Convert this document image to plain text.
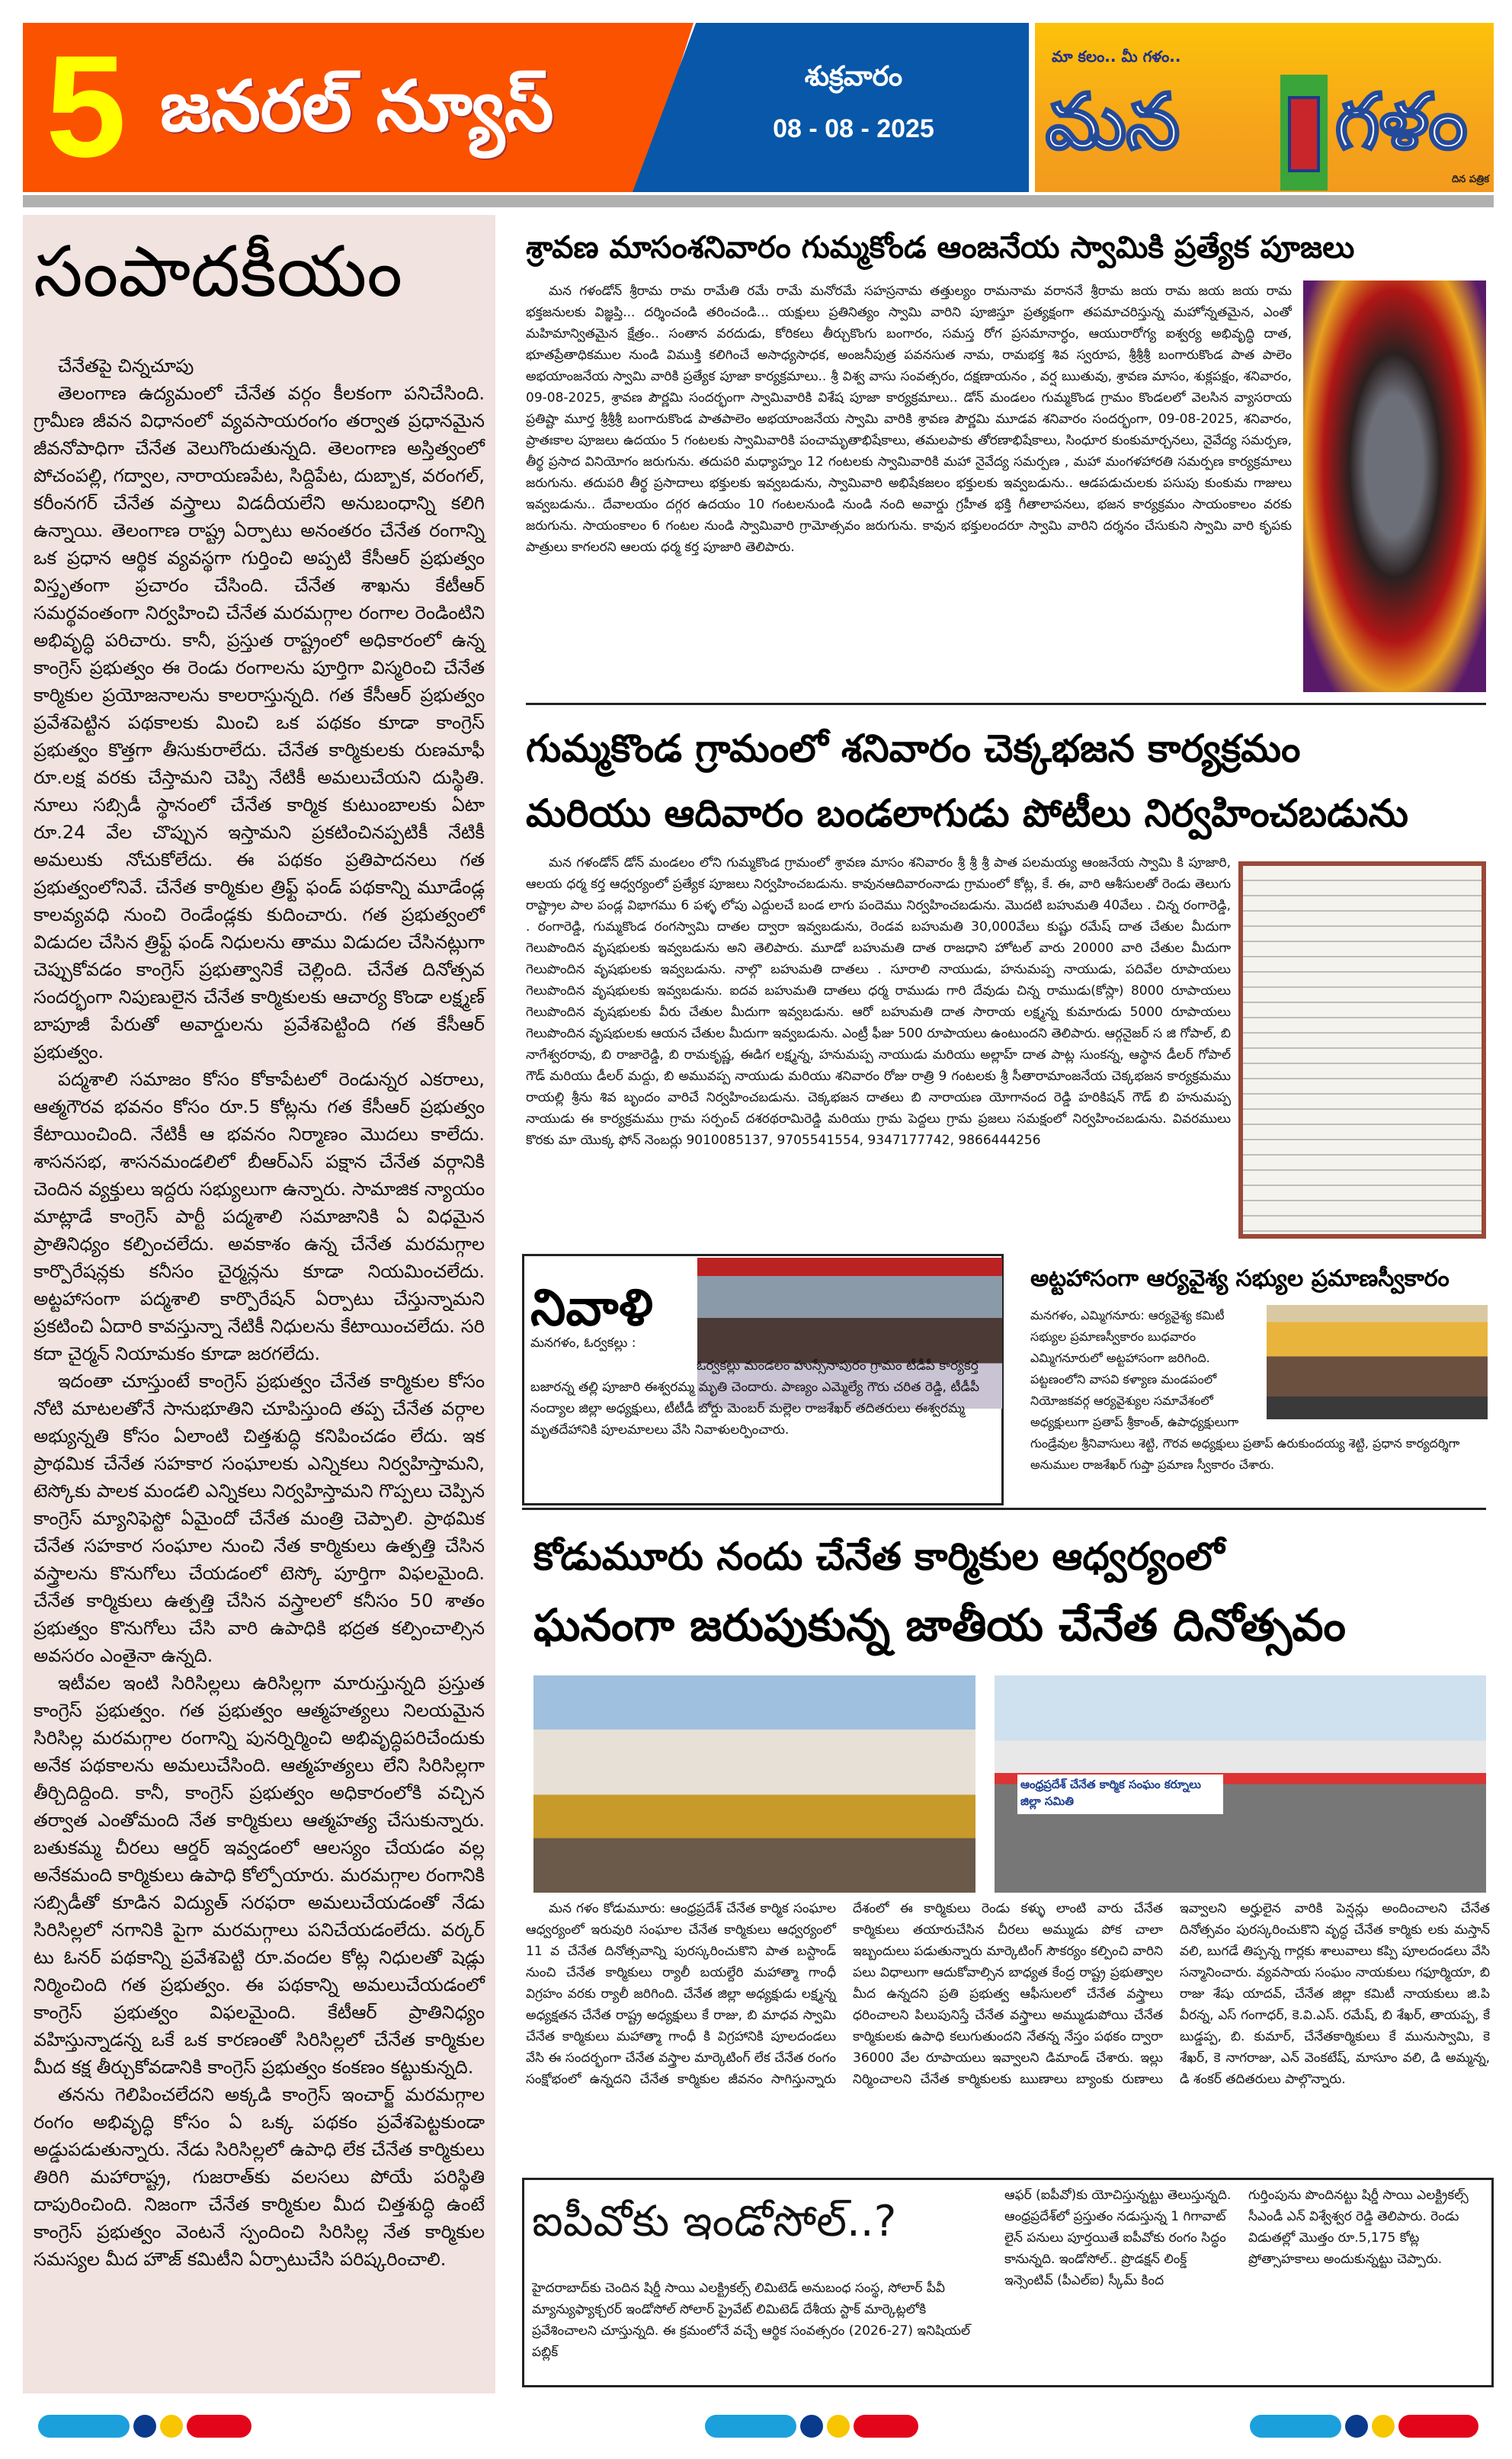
5 జనరల్ న్యూస్	శుక్రవారం
08 - 08 - 2025
మా కలం.. మీ గళం..
మన గళం
దిన పత్రిక
సంపాదకీయం

చేనేతపై చిన్నచూపు

తెలంగాణ ఉద్యమంలో చేనేత వర్గం కీలకంగా పనిచేసింది. గ్రామీణ జీవన విధానంలో వ్యవసాయరంగం తర్వాత ప్రధానమైన జీవనోపాధిగా చేనేత వెలుగొందుతున్నది. తెలంగాణ అస్తిత్వంలో పోచంపల్లి, గద్వాల, నారాయణపేట, సిద్దిపేట, దుబ్బాక, వరంగల్, కరీంనగర్ చేనేత వస్త్రాలు విడదీయలేని అనుబంధాన్ని కలిగి ఉన్నాయి. తెలంగాణ రాష్ట్ర ఏర్పాటు అనంతరం చేనేత రంగాన్ని ఒక ప్రధాన ఆర్థిక వ్యవస్థగా గుర్తించి అప్పటి కేసీఆర్ ప్రభుత్వం విస్తృతంగా ప్రచారం చేసింది. చేనేత శాఖను కేటీఆర్ సమర్థవంతంగా నిర్వహించి చేనేత మరమగ్గాల రంగాల రెండింటిని అభివృద్ధి పరిచారు. కానీ, ప్రస్తుత రాష్ట్రంలో అధికారంలో ఉన్న కాంగ్రెస్ ప్రభుత్వం ఈ రెండు రంగాలను పూర్తిగా విస్మరించి చేనేత కార్మికుల ప్రయోజనాలను కాలరాస్తున్నది. గత కేసీఆర్ ప్రభుత్వం ప్రవేశపెట్టిన పథకాలకు మించి ఒక పథకం కూడా కాంగ్రెస్ ప్రభుత్వం కొత్తగా తీసుకురాలేదు. చేనేత కార్మికులకు రుణమాఫీ రూ.లక్ష వరకు చేస్తామని చెప్పి నేటికీ అమలుచేయని దుస్థితి. నూలు సబ్సిడీ స్థానంలో చేనేత కార్మిక కుటుంబాలకు ఏటా రూ.24 వేల చొప్పున ఇస్తామని ప్రకటించినప్పటికీ నేటికీ అమలుకు నోచుకోలేదు. ఈ పథకం ప్రతిపాదనలు గత ప్రభుత్వంలోనివే. చేనేత కార్మికుల త్రిఫ్ట్ ఫండ్ పథకాన్ని మూడేండ్ల కాలవ్యవధి నుంచి రెండేండ్లకు కుదించారు. గత ప్రభుత్వంలో విడుదల చేసిన త్రిఫ్ట్ ఫండ్ నిధులను తాము విడుదల చేసినట్లుగా చెప్పుకోవడం కాంగ్రెస్ ప్రభుత్వానికే చెల్లింది. చేనేత దినోత్సవ సందర్భంగా నిపుణులైన చేనేత కార్మికులకు ఆచార్య కొండా లక్ష్మణ్ బాపూజీ పేరుతో అవార్డులను ప్రవేశపెట్టింది గత కేసీఆర్ ప్రభుత్వం.

పద్మశాలి సమాజం కోసం కోకాపేటలో రెండున్నర ఎకరాలు, ఆత్మగౌరవ భవనం కోసం రూ.5 కోట్లను గత కేసీఆర్ ప్రభుత్వం కేటాయించింది. నేటికీ ఆ భవనం నిర్మాణం మొదలు కాలేదు. శాసనసభ, శాసనమండలిలో బీఆర్ఎస్ పక్షాన చేనేత వర్గానికి చెందిన వ్యక్తులు ఇద్దరు సభ్యులుగా ఉన్నారు. సామాజిక న్యాయం మాట్లాడే కాంగ్రెస్ పార్టీ పద్మశాలి సమాజానికి ఏ విధమైన ప్రాతినిధ్యం కల్పించలేదు. అవకాశం ఉన్న చేనేత మరమగ్గాల కార్పొరేషన్లకు కనీసం చైర్మన్లను కూడా నియమించలేదు. అట్టహాసంగా పద్మశాలి కార్పొరేషన్ ఏర్పాటు చేస్తున్నామని ప్రకటించి ఏదారి కావస్తున్నా నేటికీ నిధులను కేటాయించలేదు. సరి కదా చైర్మన్ నియామకం కూడా జరగలేదు.

ఇదంతా చూస్తుంటే కాంగ్రెస్ ప్రభుత్వం చేనేత కార్మికుల కోసం నోటి మాటలతోనే సానుభూతిని చూపిస్తుంది తప్ప చేనేత వర్గాల అభ్యున్నతి కోసం ఏలాంటి చిత్తశుద్ధి కనిపించడం లేదు. ఇక ప్రాథమిక చేనేత సహకార సంఘాలకు ఎన్నికలు నిర్వహిస్తామని, టెస్కోకు పాలక మండలి ఎన్నికలు నిర్వహిస్తామని గొప్పలు చెప్పిన కాంగ్రెస్ మ్యానిఫెస్టో ఏమైందో చేనేత మంత్రి చెప్పాలి. ప్రాథమిక చేనేత సహకార సంఘాల నుంచి నేత కార్మికులు ఉత్పత్తి చేసిన వస్త్రాలను కొనుగోలు చేయడంలో టెస్కో పూర్తిగా విఫలమైంది. చేనేత కార్మికులు ఉత్పత్తి చేసిన వస్త్రాలలో కనీసం 50 శాతం ప్రభుత్వం కొనుగోలు చేసి వారి ఉపాధికి భద్రత కల్పించాల్సిన అవసరం ఎంతైనా ఉన్నది.

ఇటీవల ఇంటి సిరిసిల్లలు ఉరిసిల్లగా మారుస్తున్నది ప్రస్తుత కాంగ్రెస్ ప్రభుత్వం. గత ప్రభుత్వం ఆత్మహత్యలు నిలయమైన సిరిసిల్ల మరమగ్గాల రంగాన్ని పునర్నిర్మించి అభివృద్ధిపరిచేందుకు అనేక పథకాలను అమలుచేసింది. ఆత్మహత్యలు లేని సిరిసిల్లగా తీర్చిదిద్దింది. కానీ, కాంగ్రెస్ ప్రభుత్వం అధికారంలోకి వచ్చిన తర్వాత ఎంతోమంది నేత కార్మికులు ఆత్మహత్య చేసుకున్నారు. బతుకమ్మ చీరలు ఆర్డర్ ఇవ్వడంలో ఆలస్యం చేయడం వల్ల అనేకమంది కార్మికులు ఉపాధి కోల్పోయారు. మరమగ్గాల రంగానికి సబ్సిడీతో కూడిన విద్యుత్ సరఫరా అమలుచేయడంతో నేడు సిరిసిల్లలో నగానికి పైగా మరమగ్గాలు పనిచేయడంలేదు. వర్కర్ టు ఓనర్ పథకాన్ని ప్రవేశపెట్టి రూ.వందల కోట్ల నిధులతో షెడ్లు నిర్మించింది గత ప్రభుత్వం. ఈ పథకాన్ని అమలుచేయడంలో కాంగ్రెస్ ప్రభుత్వం విఫలమైంది. కేటీఆర్ ప్రాతినిధ్యం వహిస్తున్నాడన్న ఒకే ఒక కారణంతో సిరిసిల్లలో చేనేత కార్మికుల మీద కక్ష తీర్చుకోవడానికి కాంగ్రెస్ ప్రభుత్వం కంకణం కట్టుకున్నది.

తనను గెలిపించలేదని అక్కడి కాంగ్రెస్ ఇంచార్జ్ మరమగ్గాల రంగం అభివృద్ధి కోసం ఏ ఒక్క పథకం ప్రవేశపెట్టకుండా అడ్డుపడుతున్నారు. నేడు సిరిసిల్లలో ఉపాధి లేక చేనేత కార్మికులు తిరిగి మహారాష్ట్ర, గుజరాత్‌కు వలసలు పోయే పరిస్థితి దాపురించింది. నిజంగా చేనేత కార్మికుల మీద చిత్తశుద్ధి ఉంటే కాంగ్రెస్ ప్రభుత్వం వెంటనే స్పందించి సిరిసిల్ల నేత కార్మికుల సమస్యల మీద హౌజ్ కమిటీని ఏర్పాటుచేసి పరిష్కరించాలి.

శ్రావణ మాసంశనివారం గుమ్మకోండ ఆంజనేయ స్వామికి ప్రత్యేక పూజలు

మన గళండోన్ శ్రీరామ రామ రామేతి రమే రామే మనోరమే సహస్రనామ తత్తుల్యం రామనామ వరాననే శ్రీరామ జయ రామ జయ జయ రామ భక్తజనులకు విజ్ఞప్తి... దర్శించండి తరించండి... యక్షులు ప్రతినిత్యం స్వామి వారిని పూజిస్తూ ప్రత్యక్షంగా తపమాచరిస్తున్న మహోన్నతమైన, ఎంతో మహిమాన్వితమైన క్షేత్రం.. సంతాన వరదుడు, కోరికలు తీర్చుకొంగు బంగారం, సమస్త రోగ ప్రసమానార్ధం, ఆయురారోగ్య ఐశ్వర్య అభివృద్ధి దాత, భూతప్రేతాధికముల నుండి విముక్తి కలిగించే అసాధ్యసాధక, అంజనీపుత్ర పవనసుత నామ, రామభక్త శివ స్వరూప, శ్రీశ్రీశ్రీ బంగారుకొండ పాత పాలెం అభయాంజనేయ స్వామి వారికి ప్రత్యేక పూజా కార్యక్రమాలు.. శ్రీ విశ్వ వాసు సంవత్సరం, దక్షణాయనం , వర్ష ఋతువు, శ్రావణ మాసం, శుక్లపక్షం, శనివారం, 09-08-2025, శ్రావణ పౌర్ణమి సందర్భంగా స్వామివారికి విశేష పూజా కార్యక్రమాలు.. డోన్ మండలం గుమ్మకొండ గ్రామం కొండలలో వెలసిన వ్యాసరాయ ప్రతిష్టా మూర్త శ్రీశ్రీశ్రీ బంగారుకొండ పాతపాలెం అభయాంజనేయ స్వామి వారికి శ్రావణ పౌర్ణమి మూడవ శనివారం సందర్భంగా, 09-08-2025, శనివారం, ప్రాతఃకాల పూజలు ఉదయం 5 గంటలకు స్వామివారికి పంచామృతాభిషేకాలు, తమలపాకు తోరణాభిషేకాలు, సింధూర కుంకుమార్చనలు, నైవేద్య సమర్పణ, తీర్థ ప్రసాద వినియోగం జరుగును. తదుపరి మధ్యాహ్నం 12 గంటలకు స్వామివారికి మహా నైవేద్య సమర్పణ , మహా మంగళహారతి సమర్పణ కార్యక్రమాలు జరుగును. తదుపరి తీర్థ ప్రసాదాలు భక్తులకు ఇవ్వబడును, స్వామివారి అభిషేకజలం భక్తులకు ఇవ్వబడును.. ఆడపడుచులకు పసుపు కుంకుమ గాజులు ఇవ్వబడును.. దేవాలయం దగ్గర ఉదయం 10 గంటలనుండి నుండి నంది అవార్డు గ్రహీత భక్తి గీతాలాపనలు, భజన కార్యక్రమం సాయంకాలం వరకు జరుగును. సాయంకాలం 6 గంటల నుండి స్వామివారి గ్రామోత్సవం జరుగును. కావున భక్తులందరూ స్వామి వారిని దర్శనం చేసుకుని స్వామి వారి కృపకు పాత్రులు కాగలరని ఆలయ ధర్మ కర్త పూజారి తెలిపారు.

గుమ్మకొండ గ్రామంలో శనివారం చెక్కభజన కార్యక్రమం
మరియు ఆదివారం బండలాగుడు పోటీలు నిర్వహించబడును

మన గళండోన్ డోన్ మండలం లోని గుమ్మకొండ గ్రామంలో శ్రావణ మాసం శనివారం శ్రీ శ్రీ శ్రీ పాత పలమయ్య ఆంజనేయ స్వామి కి పూజారి, ఆలయ ధర్మ కర్త ఆధ్వర్యంలో ప్రత్యేక పూజలు నిర్వహించబడును. కావునఆదివారంనాడు గ్రామంలో కోట్ల, కే. ఈ, వారి ఆశీసులతో రెండు తెలుగు రాష్ట్రాల పాల పండ్ల విభాగము 6 పళ్ళ లోపు ఎద్దులచే బండ లాగు పందెము నిర్వహించబడును. మొదటి బహుమతి 40వేలు . చిన్న రంగారెడ్డి, . రంగారెడ్డి, గుమ్మకొండ రంగస్వామి దాతల ద్వారా ఇవ్వబడును, రెండవ బహుమతి 30,000వేలు కుష్టు రమేష్ దాత చేతుల మీదుగా గెలుపొందిన వృషభులకు ఇవ్వబడును అని తెలిపారు. మూడో బహుమతి దాత రాజధాని హోటల్ వారు 20000 వారి చేతుల మీదుగా గెలుపొందిన వృషభులకు ఇవ్వబడును. నాల్గొ బహుమతి దాతలు . సూరాలి నాయుడు, హనుమప్ప నాయుడు, పదివేల రూపాయలు గెలుపొందిన వృషభులకు ఇవ్వబడును. ఐదవ బహుమతి దాతలు ధర్మ రాముడు గారి దేవుడు చిన్న రాముడు(కోస్లా) 8000 రూపాయలు గెలుపొందిన వృషభులకు వీరు చేతుల మీదుగా ఇవ్వబడును. ఆరో బహుమతి దాత సారాయ లక్ష్మన్న కుమారుడు 5000 రూపాయలు గెలుపొందిన వృషభులకు ఆయన చేతుల మీదుగా ఇవ్వబడును. ఎంట్రీ ఫీజు 500 రూపాయలు ఉంటుందని తెలిపారు. ఆర్గనైజర్ స జి గోపాల్, బి నాగేశ్వరరావు, బి రాజారెడ్డి, బి రామకృష్ణ, ఈడిగ లక్ష్మన్న, హనుమప్ప నాయుడు మరియు అల్లాహ్ దాత పాట్ల సుంకన్న, ఆస్థాన డీలర్ గోపాల్ గౌడ్ మరియు డీలర్ మద్దు, బి అమువప్ప నాయుడు మరియు శనివారం రోజు రాత్రి 9 గంటలకు శ్రీ సీతారామాంజనేయ చెక్కభజన కార్యక్రమము రాయల్లి శ్రీను శివ బృందం వారిచే నిర్వహించబడును. చెక్కభజన దాతలు బి నారాయణ యోగానంద రెడ్డి హరికిషన్ గౌడ్ బి హనుమప్ప నాయుడు ఈ కార్యక్రమము గ్రామ సర్పంచ్ దశరథరామిరెడ్డి మరియు గ్రామ పెద్దలు గ్రామ ప్రజలు సమక్షంలో నిర్వహించబడును. వివరములు కొరకు మా యొక్క ఫోన్ నెంబర్లు 9010085137, 9705541554, 9347177742, 9866444256

నివాళి
మనగళం, ఓర్వకల్లు :
ఓర్వకల్లు మండలం హుస్సేనాపురం గ్రామం టీడీపీ కార్యకర్త బజారన్న తల్లి పూజారి ఈశ్వరమ్మ మృతి చెందారు. పాణ్యం ఎమ్మెల్యే గౌరు చరిత రెడ్డి, టీడీపీ నంద్యాల జిల్లా అధ్యక్షులు, టీటీడీ బోర్డు మెంబర్ మల్లెల రాజశేఖర్ తదితరులు ఈశ్వరమ్మ మృతదేహానికి పూలమాలలు వేసి నివాళులర్పించారు.
అట్టహాసంగా ఆర్యవైశ్య సభ్యుల ప్రమాణస్వీకారం
మనగళం, ఎమ్మిగనూరు: ఆర్యవైశ్య కమిటీ సభ్యుల ప్రమాణస్వీకారం బుధవారం ఎమ్మిగనూరులో అట్టహాసంగా జరిగింది. పట్టణంలోని వాసవి కళ్యాణ మండపంలో నియోజకవర్గ ఆర్యవైశ్యుల సమావేశంలో అధ్యక్షులుగా ప్రతాప్ శ్రీకాంత్, ఉపాధ్యక్షులుగా గుండ్రేవుల శ్రీనివాసులు శెట్టి, గౌరవ అధ్యక్షులు ప్రతాప్ ఉరుకుందయ్య శెట్టి, ప్రధాన కార్యదర్శిగా అనుముల రాజశేఖర్ గుప్తా ప్రమాణ స్వీకారం చేశారు.
కోడుమూరు నందు చేనేత కార్మికుల ఆధ్వర్యంలో
ఘనంగా జరుపుకున్న జాతీయ చేనేత దినోత్సవం
ఆంధ్రప్రదేశ్ చేనేత కార్మిక సంఘం కర్నూలు జిల్లా సమితి

మన గళం కోడుమూరు: ఆంధ్రప్రదేశ్ చేనేత కార్మిక సంఘాల ఆధ్వర్యంలో ఇరువురి సంఘాల చేనేత కార్మికులు ఆధ్వర్యంలో 11 వ చేనేత దినోత్సవాన్ని పురస్కరించుకొని పాత బస్టాండ్ నుంచి చేనేత కార్మికులు ర్యాలీ బయల్దేరి మహాత్మా గాంధీ విగ్రహం వరకు ర్యాలీ జరిగింది. చేనేత జిల్లా అధ్యక్షుడు లక్ష్మన్న అధ్యక్షతన చేనేత రాష్ట్ర అధ్యక్షులు కే రాజు, బి మాధవ స్వామి చేనేత కార్మికులు మహాత్మా గాంధీ కి విగ్రహానికి పూలదండలు వేసి ఈ సందర్భంగా చేనేత వస్త్రాల మార్కెటింగ్ లేక చేనేత రంగం సంక్షోభంలో ఉన్నదని చేనేత కార్మికుల జీవనం సాగిస్తున్నారు దేశంలో ఈ కార్మికులు రెండు కళ్ళు లాంటి వారు చేనేత కార్మికులు తయారుచేసిన చీరలు అమ్ముడు పోక చాలా ఇబ్బందులు పడుతున్నారు మార్కెటింగ్ సౌకర్యం కల్పించి వారిని పలు విధాలుగా ఆదుకోవాల్సిన బాధ్యత కేంద్ర రాష్ట్ర ప్రభుత్వాల మీద ఉన్నదని ప్రతి ప్రభుత్వ ఆఫీసులలో చేనేత వస్త్రాలు ధరించాలని పిలుపునిస్తే చేనేత వస్త్రాలు అమ్ముడుపోయి చేనేత కార్మికులకు ఉపాధి కలుగుతుందని నేతన్న నేస్తం పథకం ద్వారా 36000 వేల రూపాయలు ఇవ్వాలని డిమాండ్ చేశారు. ఇల్లు నిర్మించాలని చేనేత కార్మికులకు ఋణాలు బ్యాంకు రుణాలు ఇవ్వాలని అర్హులైన వారికి పెన్షన్లు అందించాలని చేనేత దినోత్సవం పురస్కరించుకొని వృద్ధ చేనేత కార్మికు లకు మస్తాన్ వలి, బుగడే తిప్పన్న గార్లకు శాలువాలు కప్పి పూలదండలు వేసి సన్మానించారు. వ్యవసాయ సంఘం నాయకులు గఫూర్మియా, బి రాజు శేషు యాదవ్, చేనేత జిల్లా కమిటీ నాయకులు జి.పి వీరన్న, ఎస్ గంగాధర్, కె.వి.ఎస్. రమేష్, బి శేఖర్, తాయప్ప, కే బుడ్డప్ప, బి. కుమార్, చేనేతకార్మికులు కే మునుస్వామి, కె శేఖర్, కె నాగరాజు, ఎన్ వెంకటేష్, మాసూం వలి, డి అమ్మన్న, డి శంకర్ తదితరులు పాల్గొన్నారు.

ఐపీవోకు ఇండోసోల్..?
హైదరాబాద్‌కు చెందిన షిర్డీ సాయి ఎలక్ట్రికల్స్ లిమిటెడ్ అనుబంధ సంస్థ, సోలార్ పీవీ మ్యాన్యుఫ్యాక్చరర్ ఇండోసోల్ సోలార్ ప్రైవేట్ లిమిటెడ్ దేశీయ స్టాక్ మార్కెట్లలోకి ప్రవేశించాలని చూస్తున్నది. ఈ క్రమంలోనే వచ్చే ఆర్థిక సంవత్సరం (2026-27) ఇనిషియల్ పబ్లిక్
ఆఫర్ (ఐపీవో)కు యోచిస్తున్నట్టు తెలుస్తున్నది. ఆంధ్రప్రదేశ్‌లో ప్రస్తుతం నడుస్తున్న 1 గిగావాట్ లైన్ పనులు పూర్తయితే ఐపీవోకు రంగం సిద్ధం కానున్నది. ఇండోసోల్.. ప్రొడక్షన్ లింక్డ్ ఇన్సెంటివ్ (పీఎల్ఐ) స్కీమ్ కింద
గుర్తింపును పొందినట్టు షిర్డీ సాయి ఎలక్ట్రికల్స్ సీఎండీ ఎన్ విశ్వేశ్వర రెడ్డి తెలిపారు. రెండు విడుతల్లో మొత్తం రూ.5,175 కోట్ల ప్రోత్సాహకాలు అందుకున్నట్టు చెప్పారు.
